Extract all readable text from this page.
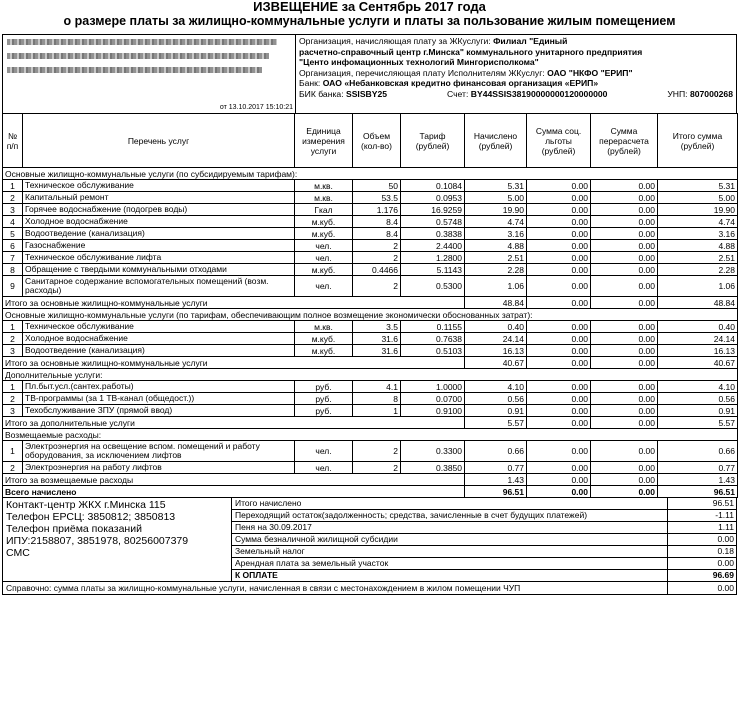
ИЗВЕЩЕНИЕ за Сентябрь 2017 года
о размере платы за жилищно-коммунальные услуги и платы за пользование жилым помещением
от 13.10.2017 15:10:21
Организация, начисляющая плату за ЖКуслуги: Филиал "Единый
расчетно-справочный центр г.Минска" коммунального унитарного предприятия
"Центо инфомационных технологий Мингорисполкома"
Организация, перечисляющая плату Исполнителям ЖКуслуг: ОАО "НКФО "ЕРИП"
Банк: ОАО «Небанковская кредитно финансовая организация «ЕРИП»
БИК банка: SSISBY25	Счет: BY44SSIS38190000000120000000	УНП: 807000268
№ п/п	Перечень услуг	Единица измерения услуги	Объем (кол-во)	Тариф (рублей)	Начислено (рублей)	Сумма соц. льготы (рублей)	Сумма перерасчета (рублей)	Итого сумма (рублей)
Основные жилищно-коммунальные услуги (по субсидируемым тарифам):								
1	Техническое обслуживание	м.кв.	50	0.1084	5.31	0.00	0.00	5.31
2	Капитальный ремонт	м.кв.	53.5	0.0953	5.00	0.00	0.00	5.00
3	Горячее водоснабжение (подогрев воды)	Гкал	1.176	16.9259	19.90	0.00	0.00	19.90
4	Холодное водоснабжение	м.куб.	8.4	0.5748	4.74	0.00	0.00	4.74
5	Водоотведение (канализация)	м.куб.	8.4	0.3838	3.16	0.00	0.00	3.16
6	Газоснабжение	чел.	2	2.4400	4.88	0.00	0.00	4.88
7	Техническое обслуживание лифта	чел.	2	1.2800	2.51	0.00	0.00	2.51
8	Обращение с твердыми коммунальными отходами	м.куб.	0.4466	5.1143	2.28	0.00	0.00	2.28
9	Санитарное содержание вспомогательных помещений (возм. расходы)	чел.	2	0.5300	1.06	0.00	0.00	1.06
Итого за основные жилищно-коммунальные услуги					48.84	0.00	0.00	48.84
Основные жилищно-коммунальные услуги (по тарифам, обеспечивающим полное возмещение экономически обоснованных затрат):								
1	Техническое обслуживание	м.кв.	3.5	0.1155	0.40	0.00	0.00	0.40
2	Холодное водоснабжение	м.куб.	31.6	0.7638	24.14	0.00	0.00	24.14
3	Водоотведение (канализация)	м.куб.	31.6	0.5103	16.13	0.00	0.00	16.13
Итого за основные жилищно-коммунальные услуги					40.67	0.00	0.00	40.67
Дополнительные услуги:								
1	Пл.быт.усл.(сантех.работы)	руб.	4.1	1.0000	4.10	0.00	0.00	4.10
2	ТВ-программы (за 1 ТВ-канал (общедост.))	руб.	8	0.0700	0.56	0.00	0.00	0.56
3	Техобслуживание ЗПУ (прямой ввод)	руб.	1	0.9100	0.91	0.00	0.00	0.91
Итого за дополнительные услуги					5.57	0.00	0.00	5.57
Возмещаемые расходы:								
1	Электроэнергия на освещение вспом. помещений и работу оборудования, за исключением лифтов	чел.	2	0.3300	0.66	0.00	0.00	0.66
2	Электроэнергия на работу лифтов	чел.	2	0.3850	0.77	0.00	0.00	0.77
Итого за возмещаемые расходы					1.43	0.00	0.00	1.43
Всего начислено					96.51	0.00	0.00	96.51
Контакт-центр ЖКХ г.Минска 115
Телефон ЕРСЦ: 3850812; 3850813
Телефон приёма показаний
ИПУ:2158807, 3851978, 80256007379
СМС
Итого начислено	96.51
Переходящий остаток(задолженность; средства, зачисленные в счет будущих платежей)	-1.11
Пеня на 30.09.2017	1.11
Сумма безналичной жилищной субсидии	0.00
Земельный налог	0.18
Арендная плата за земельный участок	0.00
К ОПЛАТЕ	96.69
Справочно: сумма платы за жилищно-коммунальные услуги, начисленная в связи с местонахождением в жилом помещении ЧУП	0.00
